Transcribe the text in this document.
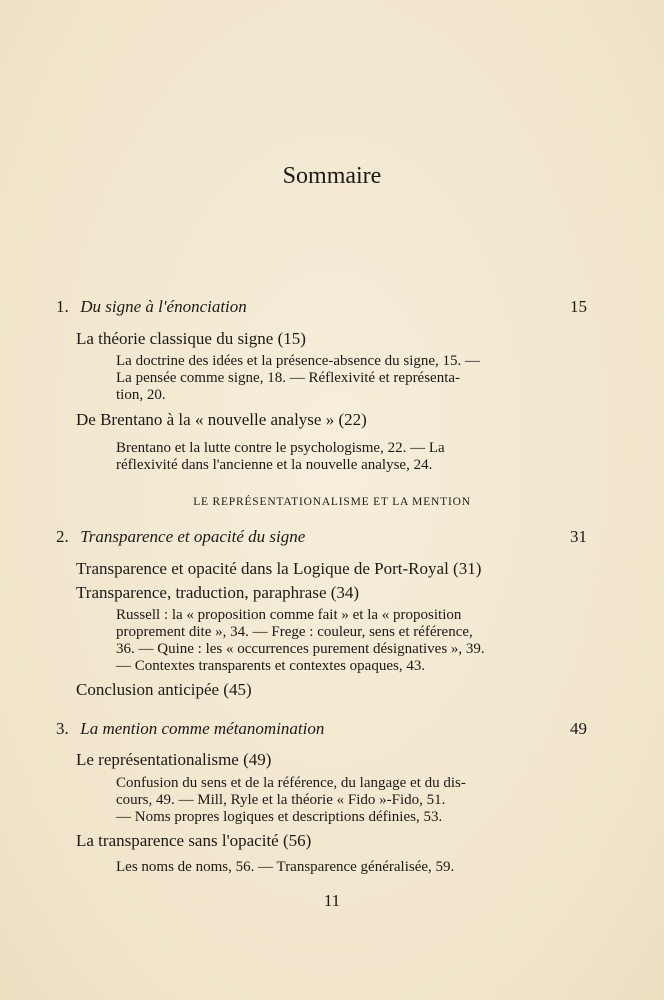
Sommaire
1. Du signe à l'énonciation	15
La théorie classique du signe (15)
La doctrine des idées et la présence-absence du signe, 15. —
La pensée comme signe, 18. — Réflexivité et représenta-
tion, 20.
De Brentano à la « nouvelle analyse » (22)
Brentano et la lutte contre le psychologisme, 22. — La
réflexivité dans l'ancienne et la nouvelle analyse, 24.
LE REPRÉSENTATIONALISME ET LA MENTION
2. Transparence et opacité du signe	31
Transparence et opacité dans la Logique de Port-Royal (31)
Transparence, traduction, paraphrase (34)
Russell : la « proposition comme fait » et la « proposition
proprement dite », 34. — Frege : couleur, sens et référence,
36. — Quine : les « occurrences purement désignatives », 39.
— Contextes transparents et contextes opaques, 43.
Conclusion anticipée (45)
3. La mention comme métanomination	49
Le représentationalisme (49)
Confusion du sens et de la référence, du langage et du dis-
cours, 49. — Mill, Ryle et la théorie « Fido »-Fido, 51.
— Noms propres logiques et descriptions définies, 53.
La transparence sans l'opacité (56)
Les noms de noms, 56. — Transparence généralisée, 59.
11
